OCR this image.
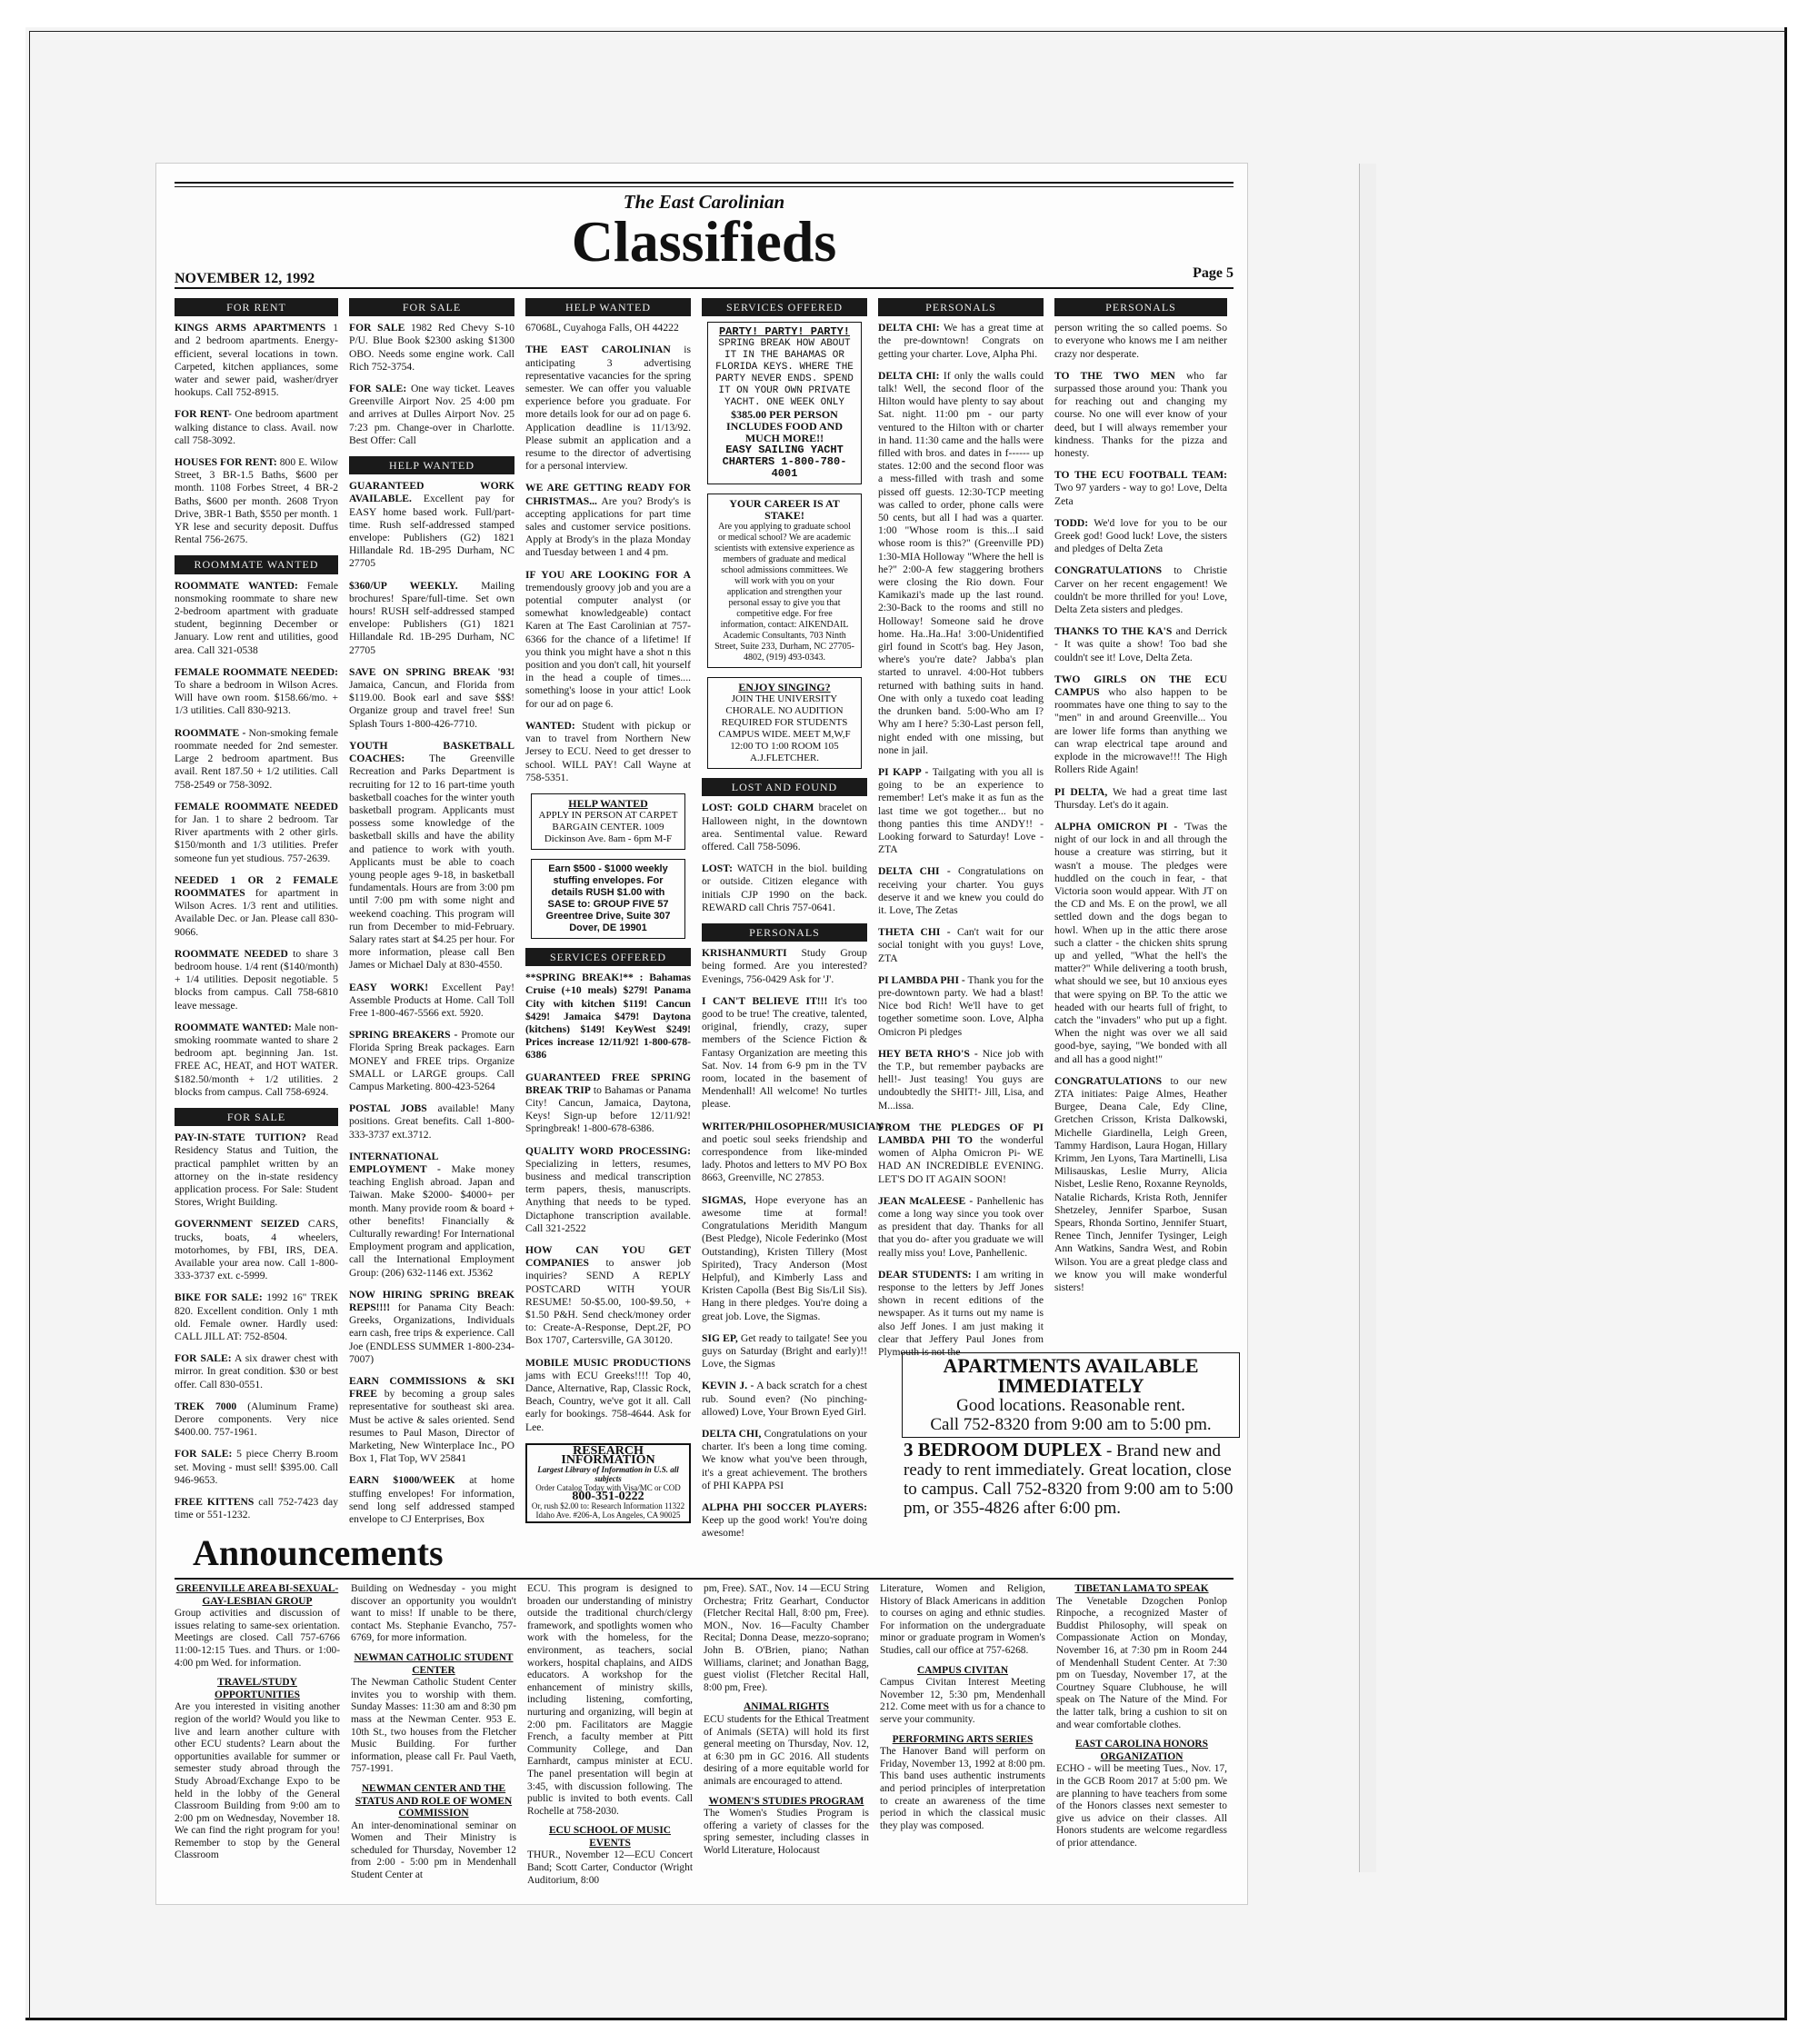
The East Carolinian
Classifieds
NOVEMBER 12, 1992	Page 5
FOR RENT

KINGS ARMS APARTMENTS 1 and 2 bedroom apartments. Energy-efficient, several locations in town. Carpeted, kitchen appliances, some water and sewer paid, washer/dryer hookups. Call 752-8915.

FOR RENT- One bedroom apartment walking distance to class. Avail. now call 758-3092.

HOUSES FOR RENT: 800 E. Wilow Street, 3 BR-1.5 Baths, $600 per month. 1108 Forbes Street, 4 BR-2 Baths, $600 per month. 2608 Tryon Drive, 3BR-1 Bath, $550 per month. 1 YR lese and security deposit. Duffus Rental 756-2675.

ROOMMATE WANTED

ROOMMATE WANTED: Female nonsmoking roommate to share new 2-bedroom apartment with graduate student, beginning December or January. Low rent and utilities, good area. Call 321-0538

FEMALE ROOMMATE NEEDED: To share a bedroom in Wilson Acres. Will have own room. $158.66/mo. + 1/3 utilities. Call 830-9213.

ROOMMATE - Non-smoking female roommate needed for 2nd semester. Large 2 bedroom apartment. Bus avail. Rent 187.50 + 1/2 utilities. Call 758-2549 or 758-3092.

FEMALE ROOMMATE NEEDED for Jan. 1 to share 2 bedroom. Tar River apartments with 2 other girls. $150/month and 1/3 utilities. Prefer someone fun yet studious. 757-2639.

NEEDED 1 OR 2 FEMALE ROOMMATES for apartment in Wilson Acres. 1/3 rent and utilities. Available Dec. or Jan. Please call 830-9066.

ROOMMATE NEEDED to share 3 bedroom house. 1/4 rent ($140/month) + 1/4 utilities. Deposit negotiable. 5 blocks from campus. Call 758-6810 leave message.

ROOMMATE WANTED: Male non-smoking roommate wanted to share 2 bedroom apt. beginning Jan. 1st. FREE AC, HEAT, and HOT WATER. $182.50/month + 1/2 utilities. 2 blocks from campus. Call 758-6924.

FOR SALE

PAY-IN-STATE TUITION? Read Residency Status and Tuition, the practical pamphlet written by an attorney on the in-state residency application process. For Sale: Student Stores, Wright Building.

GOVERNMENT SEIZED CARS, trucks, boats, 4 wheelers, motorhomes, by FBI, IRS, DEA. Available your area now. Call 1-800-333-3737 ext. c-5999.

BIKE FOR SALE: 1992 16" TREK 820. Excellent condition. Only 1 mth old. Female owner. Hardly used: CALL JILL AT: 752-8504.

FOR SALE: A six drawer chest with mirror. In great condition. $30 or best offer. Call 830-0551.

TREK 7000 (Aluminum Frame) Derore components. Very nice $400.00. 757-1961.

FOR SALE: 5 piece Cherry B.room set. Moving - must sell! $395.00. Call 946-9653.

FREE KITTENS call 752-7423 day time or 551-1232.

FOR SALE

FOR SALE 1982 Red Chevy S-10 P/U. Blue Book $2300 asking $1300 OBO. Needs some engine work. Call Rich 752-3754.

FOR SALE: One way ticket. Leaves Greenville Airport Nov. 25 4:00 pm and arrives at Dulles Airport Nov. 25 7:23 pm. Change-over in Charlotte. Best Offer: Call

HELP WANTED

GUARANTEED WORK AVAILABLE. Excellent pay for EASY home based work. Full/part-time. Rush self-addressed stamped envelope: Publishers (G2) 1821 Hillandale Rd. 1B-295 Durham, NC 27705

$360/UP WEEKLY. Mailing brochures! Spare/full-time. Set own hours! RUSH self-addressed stamped envelope: Publishers (G1) 1821 Hillandale Rd. 1B-295 Durham, NC 27705

SAVE ON SPRING BREAK '93! Jamaica, Cancun, and Florida from $119.00. Book earl and save $$$! Organize group and travel free! Sun Splash Tours 1-800-426-7710.

YOUTH BASKETBALL COACHES: The Greenville Recreation and Parks Department is recruiting for 12 to 16 part-time youth basketball coaches for the winter youth basketball program. Applicants must possess some knowledge of the basketball skills and have the ability and patience to work with youth. Applicants must be able to coach young people ages 9-18, in basketball fundamentals. Hours are from 3:00 pm until 7:00 pm with some night and weekend coaching. This program will run from December to mid-February. Salary rates start at $4.25 per hour. For more information, please call Ben James or Michael Daly at 830-4550.

EASY WORK! Excellent Pay! Assemble Products at Home. Call Toll Free 1-800-467-5566 ext. 5920.

SPRING BREAKERS - Promote our Florida Spring Break packages. Earn MONEY and FREE trips. Organize SMALL or LARGE groups. Call Campus Marketing. 800-423-5264

POSTAL JOBS available! Many positions. Great benefits. Call 1-800-333-3737 ext.3712.

INTERNATIONAL EMPLOYMENT - Make money teaching English abroad. Japan and Taiwan. Make $2000- $4000+ per month. Many provide room & board + other benefits! Financially & Culturally rewarding! For International Employment program and application, call the International Employment Group: (206) 632-1146 ext. J5362

NOW HIRING SPRING BREAK REPS!!!! for Panama City Beach: Greeks, Organizations, Individuals earn cash, free trips & experience. Call Joe (ENDLESS SUMMER 1-800-234-7007)

EARN COMMISSIONS & SKI FREE by becoming a group sales representative for southeast ski area. Must be active & sales oriented. Send resumes to Paul Mason, Director of Marketing, New Winterplace Inc., PO Box 1, Flat Top, WV 25841

EARN $1000/WEEK at home stuffing envelopes! For information, send long self addressed stamped envelope to CJ Enterprises, Box

HELP WANTED

67068L, Cuyahoga Falls, OH 44222

THE EAST CAROLINIAN is anticipating 3 advertising representative vacancies for the spring semester. We can offer you valuable experience before you graduate. For more details look for our ad on page 6. Application deadline is 11/13/92. Please submit an application and a resume to the director of advertising for a personal interview.

WE ARE GETTING READY FOR CHRISTMAS... Are you? Brody's is accepting applications for part time sales and customer service positions. Apply at Brody's in the plaza Monday and Tuesday between 1 and 4 pm.

IF YOU ARE LOOKING FOR A tremendously groovy job and you are a potential computer analyst (or somewhat knowledgeable) contact Karen at The East Carolinian at 757-6366 for the chance of a lifetime! If you think you might have a shot n this position and you don't call, hit yourself in the head a couple of times.... something's loose in your attic! Look for our ad on page 6.

WANTED: Student with pickup or van to travel from Northern New Jersey to ECU. Need to get dresser to school. WILL PAY! Call Wayne at 758-5351.

HELP WANTED
APPLY IN PERSON AT CARPET BARGAIN CENTER. 1009 Dickinson Ave. 8am - 6pm M-F
Earn $500 - $1000 weekly stuffing envelopes. For details RUSH $1.00 with SASE to: GROUP FIVE 57 Greentree Drive, Suite 307 Dover, DE 19901
SERVICES OFFERED

**SPRING BREAK!** : Bahamas Cruise (+10 meals) $279! Panama City with kitchen $119! Cancun $429! Jamaica $479! Daytona (kitchens) $149! KeyWest $249! Prices increase 12/11/92! 1-800-678-6386

GUARANTEED FREE SPRING BREAK TRIP to Bahamas or Panama City! Cancun, Jamaica, Daytona, Keys! Sign-up before 12/11/92! Springbreak! 1-800-678-6386.

QUALITY WORD PROCESSING: Specializing in letters, resumes, business and medical transcription term papers, thesis, manuscripts. Anything that needs to be typed. Dictaphone transcription available. Call 321-2522

HOW CAN YOU GET COMPANIES to answer job inquiries? SEND A REPLY POSTCARD WITH YOUR RESUME! 50-$5.00, 100-$9.50, + $1.50 P&H. Send check/money order to: Create-A-Response, Dept.2F, PO Box 1707, Cartersville, GA 30120.

MOBILE MUSIC PRODUCTIONS jams with ECU Greeks!!!! Top 40, Dance, Alternative, Rap, Classic Rock, Beach, Country, we've got it all. Call early for bookings. 758-4644. Ask for Lee.

RESEARCH INFORMATION
Largest Library of Information in U.S. all subjects
Order Catalog Today with Visa/MC or COD
800-351-0222
Or, rush $2.00 to: Research Information 11322 Idaho Ave. #206-A, Los Angeles, CA 90025
SERVICES OFFERED
PARTY! PARTY! PARTY!
SPRING BREAK HOW ABOUT IT IN THE BAHAMAS OR FLORIDA KEYS. WHERE THE PARTY NEVER ENDS. SPEND IT ON YOUR OWN PRIVATE YACHT. ONE WEEK ONLY
$385.00 PER PERSON INCLUDES FOOD AND MUCH MORE!!
EASY SAILING YACHT CHARTERS 1-800-780-4001
YOUR CAREER IS AT STAKE!
Are you applying to graduate school or medical school? We are academic scientists with extensive experience as members of graduate and medical school admissions committees. We will work with you on your application and strengthen your personal essay to give you that competitive edge. For free information, contact: AIKENDAIL Academic Consultants, 703 Ninth Street, Suite 233, Durham, NC 27705-4802, (919) 493-0343.
ENJOY SINGING?
JOIN THE UNIVERSITY CHORALE. NO AUDITION REQUIRED FOR STUDENTS CAMPUS WIDE. MEET M,W,F 12:00 TO 1:00 ROOM 105 A.J.FLETCHER.
LOST AND FOUND

LOST: GOLD CHARM bracelet on Halloween night, in the downtown area. Sentimental value. Reward offered. Call 758-5096.

LOST: WATCH in the biol. building or outside. Citizen elegance with initials CJP 1990 on the back. REWARD call Chris 757-0641.

PERSONALS

KRISHANMURTI Study Group being formed. Are you interested? Evenings, 756-0429 Ask for 'J'.

I CAN'T BELIEVE IT!!! It's too good to be true! The creative, talented, original, friendly, crazy, super members of the Science Fiction & Fantasy Organization are meeting this Sat. Nov. 14 from 6-9 pm in the TV room, located in the basement of Mendenhall! All welcome! No turtles please.

WRITER/PHILOSOPHER/MUSICIAN and poetic soul seeks friendship and correspondence from like-minded lady. Photos and letters to MV PO Box 8663, Greenville, NC 27853.

SIGMAS, Hope everyone has an awesome time at formal! Congratulations Meridith Mangum (Best Pledge), Nicole Federinko (Most Outstanding), Kristen Tillery (Most Spirited), Tracy Anderson (Most Helpful), and Kimberly Lass and Kristen Capolla (Best Big Sis/Lil Sis). Hang in there pledges. You're doing a great job. Love, the Sigmas.

SIG EP, Get ready to tailgate! See you guys on Saturday (Bright and early)!! Love, the Sigmas

KEVIN J. - A back scratch for a chest rub. Sound even? (No pinching-allowed) Love, Your Brown Eyed Girl.

DELTA CHI, Congratulations on your charter. It's been a long time coming. We know what you've been through, it's a great achievement. The brothers of PHI KAPPA PSI

ALPHA PHI SOCCER PLAYERS: Keep up the good work! You're doing awesome!

PERSONALS

DELTA CHI: We has a great time at the pre-downtown! Congrats on getting your charter. Love, Alpha Phi.

DELTA CHI: If only the walls could talk! Well, the second floor of the Hilton would have plenty to say about Sat. night. 11:00 pm - our party ventured to the Hilton with or charter in hand. 11:30 came and the halls were filled with bros. and dates in f------ up states. 12:00 and the second floor was a mess-filled with trash and some pissed off guests. 12:30-TCP meeting was called to order, phone calls were 50 cents, but all I had was a quarter. 1:00 "Whose room is this...I said whose room is this?" (Greenville PD) 1:30-MIA Holloway "Where the hell is he?" 2:00-A few staggering brothers were closing the Rio down. Four Kamikazi's made up the last round. 2:30-Back to the rooms and still no Holloway! Someone said he drove home. Ha..Ha..Ha! 3:00-Unidentified girl found in Scott's bag. Hey Jason, where's you're date? Jabba's plan started to unravel. 4:00-Hot tubbers returned with bathing suits in hand. One with only a tuxedo coat leading the drunken band. 5:00-Who am I? Why am I here? 5:30-Last person fell, night ended with one missing, but none in jail.

PI KAPP - Tailgating with you all is going to be an experience to remember! Let's make it as fun as the last time we got together... but no thong panties this time ANDY!! - Looking forward to Saturday! Love - ZTA

DELTA CHI - Congratulations on receiving your charter. You guys deserve it and we knew you could do it. Love, The Zetas

THETA CHI - Can't wait for our social tonight with you guys! Love, ZTA

PI LAMBDA PHI - Thank you for the pre-downtown party. We had a blast! Nice bod Rich! We'll have to get together sometime soon. Love, Alpha Omicron Pi pledges

HEY BETA RHO'S - Nice job with the T.P., but remember paybacks are hell!- Just teasing! You guys are undoubtedly the SHIT!- Jill, Lisa, and M...issa.

FROM THE PLEDGES OF PI LAMBDA PHI TO the wonderful women of Alpha Omicron Pi- WE HAD AN INCREDIBLE EVENING. LET'S DO IT AGAIN SOON!

JEAN McALEESE - Panhellenic has come a long way since you took over as president that day. Thanks for all that you do- after you graduate we will really miss you! Love, Panhellenic.

DEAR STUDENTS: I am writing in response to the letters by Jeff Jones shown in recent editions of the newspaper. As it turns out my name is also Jeff Jones. I am just making it clear that Jeffery Paul Jones from Plymouth is not the

PERSONALS

person writing the so called poems. So to everyone who knows me I am neither crazy nor desperate.

TO THE TWO MEN who far surpassed those around you: Thank you for reaching out and changing my course. No one will ever know of your deed, but I will always remember your kindness. Thanks for the pizza and honesty.

TO THE ECU FOOTBALL TEAM: Two 97 yarders - way to go! Love, Delta Zeta

TODD: We'd love for you to be our Greek god! Good luck! Love, the sisters and pledges of Delta Zeta

CONGRATULATIONS to Christie Carver on her recent engagement! We couldn't be more thrilled for you! Love, Delta Zeta sisters and pledges.

THANKS TO THE KA'S and Derrick - It was quite a show! Too bad she couldn't see it! Love, Delta Zeta.

TWO GIRLS ON THE ECU CAMPUS who also happen to be roommates have one thing to say to the "men" in and around Greenville... You are lower life forms than anything we can wrap electrical tape around and explode in the microwave!!! The High Rollers Ride Again!

PI DELTA, We had a great time last Thursday. Let's do it again.

ALPHA OMICRON PI - 'Twas the night of our lock in and all through the house a creature was stirring, but it wasn't a mouse. The pledges were huddled on the couch in fear, - that Victoria soon would appear. With JT on the CD and Ms. E on the prowl, we all settled down and the dogs began to howl. When up in the attic there arose such a clatter - the chicken shits sprung up and yelled, "What the hell's the matter?" While delivering a tooth brush, what should we see, but 10 anxious eyes that were spying on BP. To the attic we headed with our hearts full of fright, to catch the "invaders" who put up a fight. When the night was over we all said good-bye, saying, "We bonded with all and all has a good night!"

CONGRATULATIONS to our new ZTA initiates: Paige Almes, Heather Burgee, Deana Cale, Edy Cline, Gretchen Crisson, Krista Dalkowski, Michelle Giardinella, Leigh Green, Tammy Hardison, Laura Hogan, Hillary Krimm, Jen Lyons, Tara Martinelli, Lisa Milisauskas, Leslie Murry, Alicia Nisbet, Leslie Reno, Roxanne Reynolds, Natalie Richards, Krista Roth, Jennifer Shetzeley, Jennifer Sparboe, Susan Spears, Rhonda Sortino, Jennifer Stuart, Renee Tinch, Jennifer Tysinger, Leigh Ann Watkins, Sandra West, and Robin Wilson. You are a great pledge class and we know you will make wonderful sisters!

APARTMENTS AVAILABLE
IMMEDIATELY
Good locations. Reasonable rent.
Call 752-8320 from 9:00 am to 5:00 pm.
3 BEDROOM DUPLEX - Brand new and ready to rent immediately. Great location, close to campus. Call 752-8320 from 9:00 am to 5:00 pm, or 355-4826 after 6:00 pm.
Announcements
GREENVILLE AREA BI-SEXUAL-GAY-LESBIAN GROUP

Group activities and discussion of issues relating to same-sex orientation. Meetings are closed. Call 757-6766 11:00-12:15 Tues. and Thurs. or 1:00-4:00 pm Wed. for information.

TRAVEL/STUDY OPPORTUNITIES

Are you interested in visiting another region of the world? Would you like to live and learn another culture with other ECU students? Learn about the opportunities available for summer or semester study abroad through the Study Abroad/Exchange Expo to be held in the lobby of the General Classroom Building from 9:00 am to 2:00 pm on Wednesday, November 18. We can find the right program for you! Remember to stop by the General Classroom

Building on Wednesday - you might discover an opportunity you wouldn't want to miss! If unable to be there, contact Ms. Stephanie Evancho, 757-6769, for more information.

NEWMAN CATHOLIC STUDENT CENTER

The Newman Catholic Student Center invites you to worship with them. Sunday Masses: 11:30 am and 8:30 pm mass at the Newman Center. 953 E. 10th St., two houses from the Fletcher Music Building. For further information, please call Fr. Paul Vaeth, 757-1991.

NEWMAN CENTER AND THE STATUS AND ROLE OF WOMEN COMMISSION

An inter-denominational seminar on Women and Their Ministry is scheduled for Thursday, November 12 from 2:00 - 5:00 pm in Mendenhall Student Center at

ECU. This program is designed to broaden our understanding of ministry outside the traditional church/clergy framework, and spotlights women who work with the homeless, for the environment, as teachers, social workers, hospital chaplains, and AIDS educators. A workshop for the enhancement of ministry skills, including listening, comforting, nurturing and organizing, will begin at 2:00 pm. Facilitators are Maggie French, a faculty member at Pitt Community College, and Dan Earnhardt, campus minister at ECU. The panel presentation will begin at 3:45, with discussion following. The public is invited to both events. Call Rochelle at 758-2030.

ECU SCHOOL OF MUSIC EVENTS

THUR., November 12—ECU Concert Band; Scott Carter, Conductor (Wright Auditorium, 8:00

pm, Free). SAT., Nov. 14 —ECU String Orchestra; Fritz Gearhart, Conductor (Fletcher Recital Hall, 8:00 pm, Free). MON., Nov. 16—Faculty Chamber Recital; Donna Dease, mezzo-soprano; John B. O'Brien, piano; Nathan Williams, clarinet; and Jonathan Bagg, guest violist (Fletcher Recital Hall, 8:00 pm, Free).

ANIMAL RIGHTS

ECU students for the Ethical Treatment of Animals (SETA) will hold its first general meeting on Thursday, Nov. 12, at 6:30 pm in GC 2016. All students desiring of a more equitable world for animals are encouraged to attend.

WOMEN'S STUDIES PROGRAM

The Women's Studies Program is offering a variety of classes for the spring semester, including classes in World Literature, Holocaust

Literature, Women and Religion, History of Black Americans in addition to courses on aging and ethnic studies. For information on the undergraduate minor or graduate program in Women's Studies, call our office at 757-6268.

CAMPUS CIVITAN

Campus Civitan Interest Meeting November 12, 5:30 pm, Mendenhall 212. Come meet with us for a chance to serve your community.

PERFORMING ARTS SERIES

The Hanover Band will perform on Friday, November 13, 1992 at 8:00 pm. This band uses authentic instruments and period principles of interpretation to create an awareness of the time period in which the classical music they play was composed.

TIBETAN LAMA TO SPEAK

The Venetable Dzogchen Ponlop Rinpoche, a recognized Master of Buddist Philosophy, will speak on Compassionate Action on Monday, November 16, at 7:30 pm in Room 244 of Mendenhall Student Center. At 7:30 pm on Tuesday, November 17, at the Courtney Square Clubhouse, he will speak on The Nature of the Mind. For the latter talk, bring a cushion to sit on and wear comfortable clothes.

EAST CAROLINA HONORS ORGANIZATION

ECHO - will be meeting Tues., Nov. 17, in the GCB Room 2017 at 5:00 pm. We are planning to have teachers from some of the Honors classes next semester to give us advice on their classes. All Honors students are welcome regardless of prior attendance.
